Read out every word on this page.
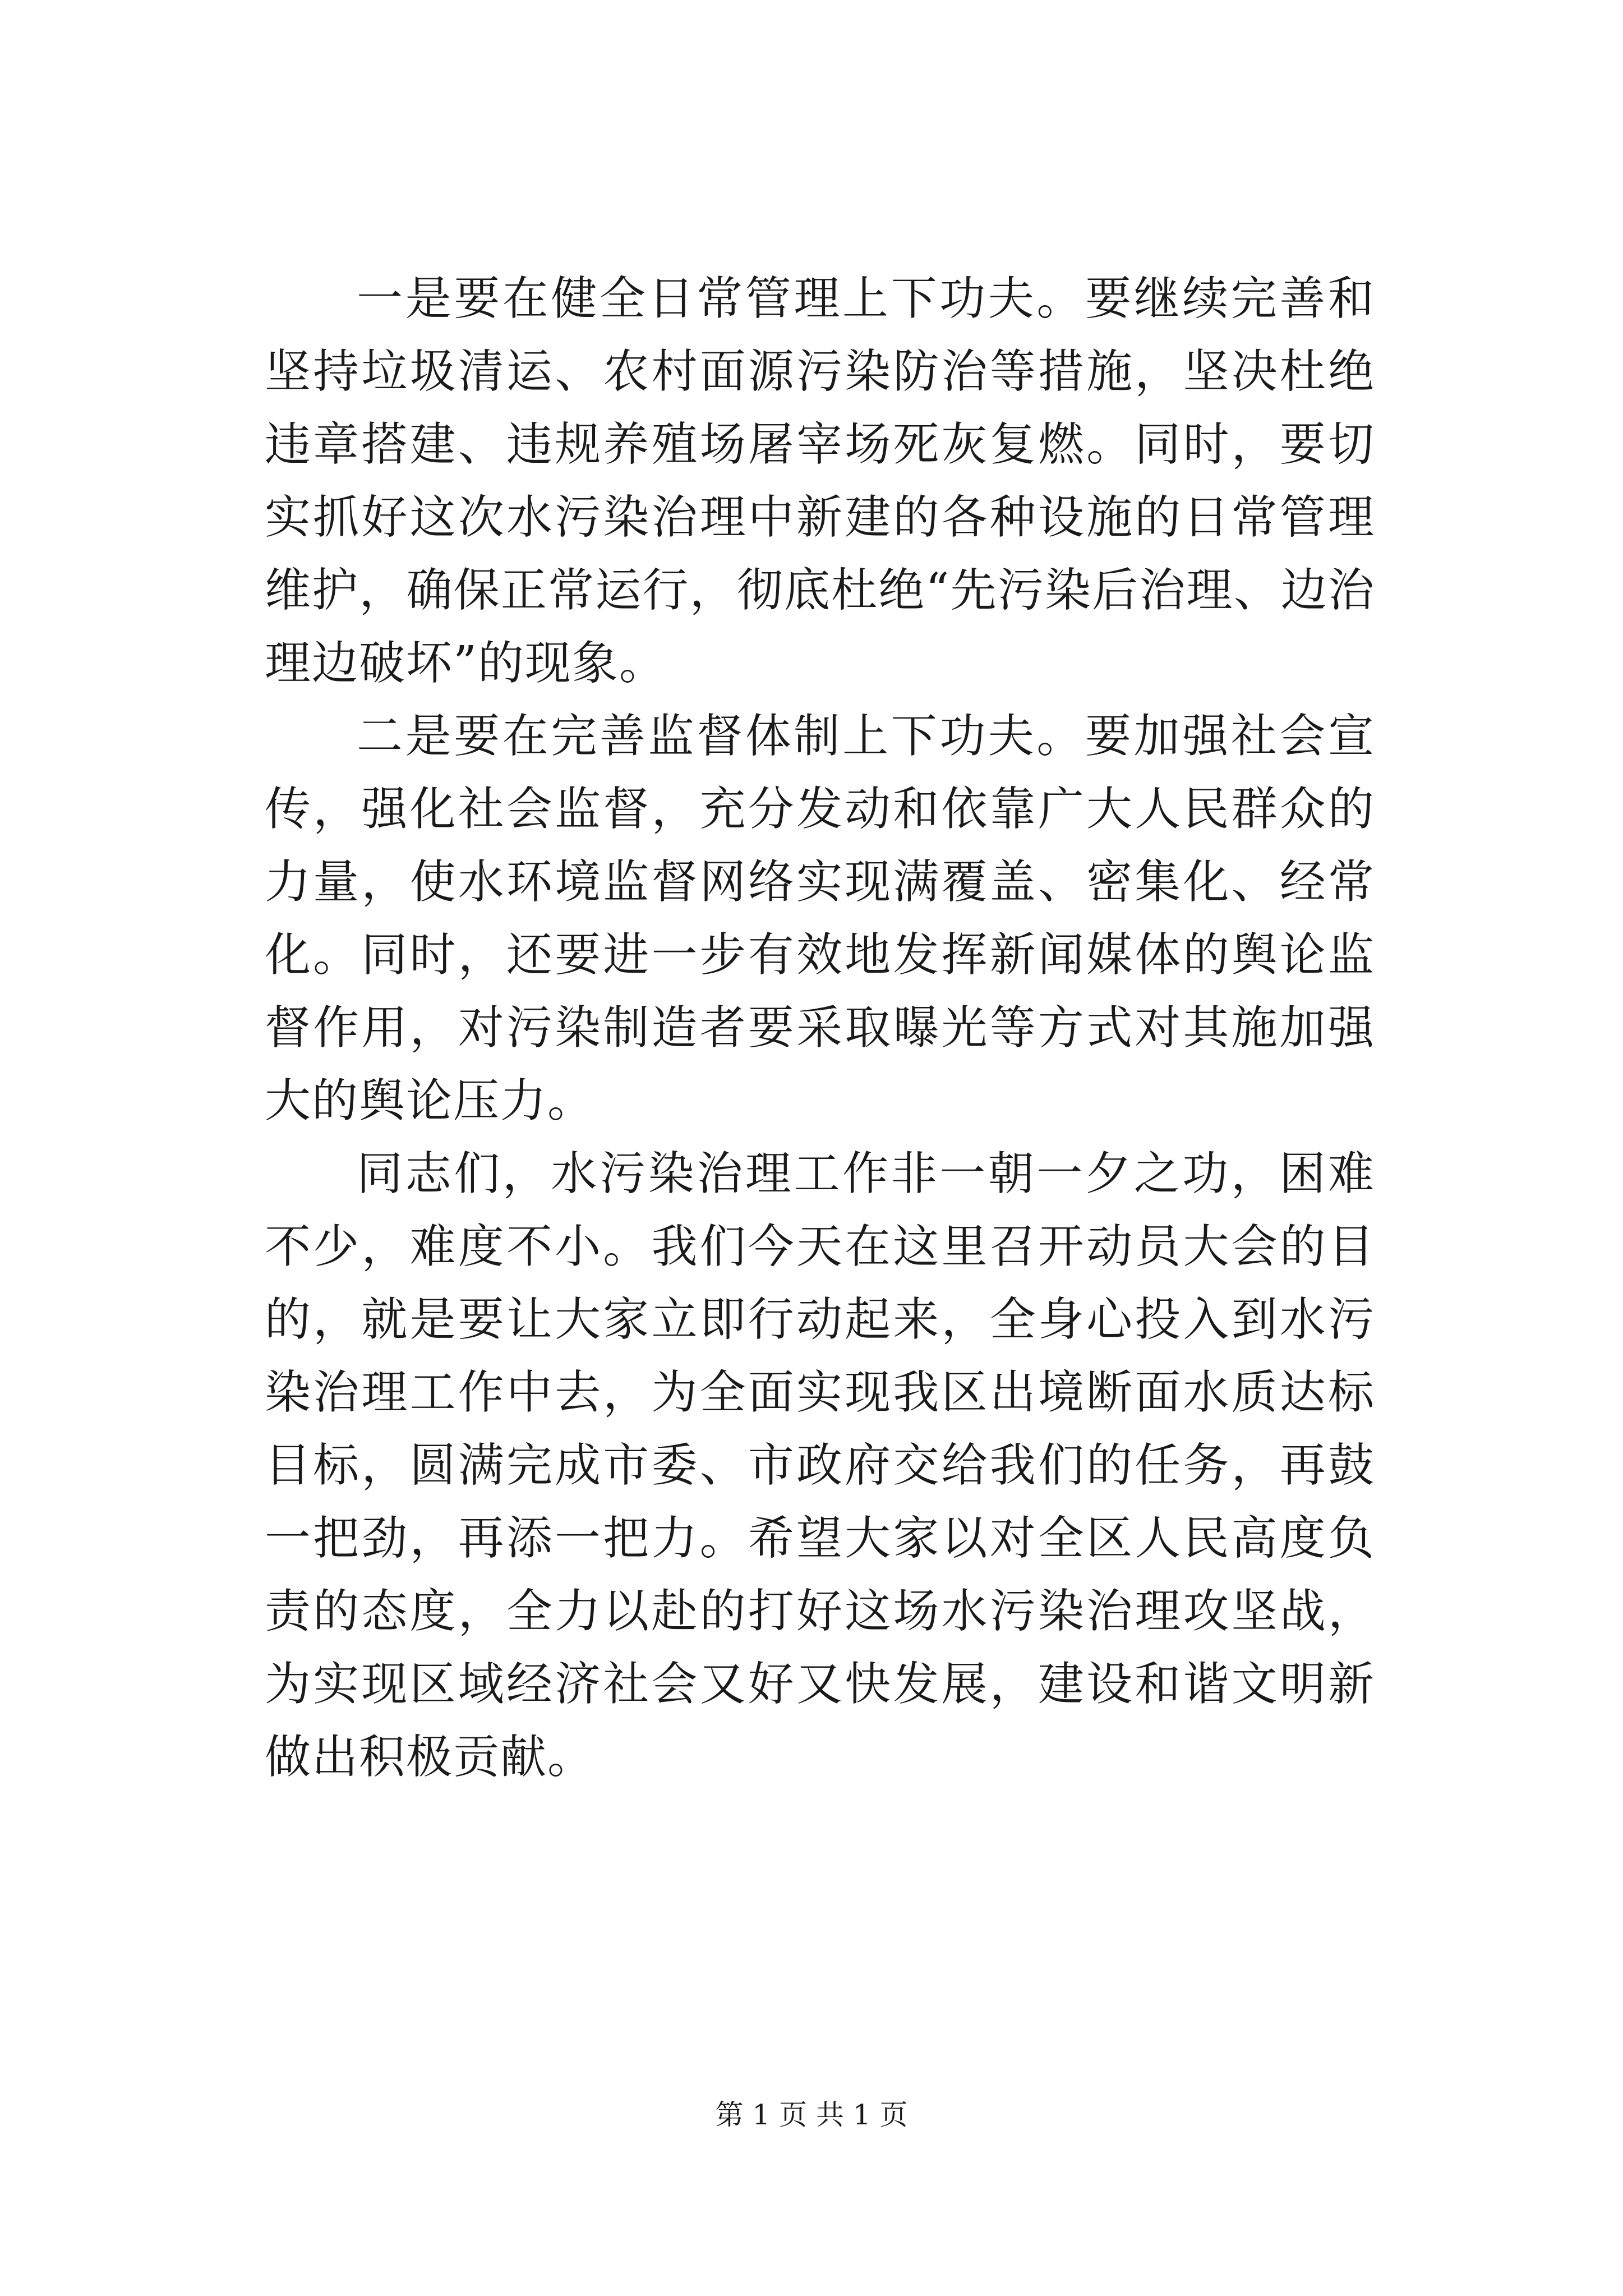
一是要在健全日常管理上下功夫。要继续完善和坚持垃圾清运、农村面源污染防治等措施，坚决杜绝违章搭建、违规养殖场屠宰场死灰复燃。同时，要切实抓好这次水污染治理中新建的各种设施的日常管理维护，确保正常运行，彻底杜绝“先污染后治理、边治理边破坏”的现象。

二是要在完善监督体制上下功夫。要加强社会宣传，强化社会监督，充分发动和依靠广大人民群众的力量，使水环境监督网络实现满覆盖、密集化、经常化。同时，还要进一步有效地发挥新闻媒体的舆论监督作用，对污染制造者要采取曝光等方式对其施加强大的舆论压力。

同志们，水污染治理工作非一朝一夕之功，困难不少，难度不小。我们今天在这里召开动员大会的目的，就是要让大家立即行动起来，全身心投入到水污染治理工作中去，为全面实现我区出境断面水质达标目标，圆满完成市委、市政府交给我们的任务，再鼓一把劲，再添一把力。希望大家以对全区人民高度负责的态度，全力以赴的打好这场水污染治理攻坚战，为实现区域经济社会又好又快发展，建设和谐文明新做出积极贡献。

第 1 页 共 1 页
